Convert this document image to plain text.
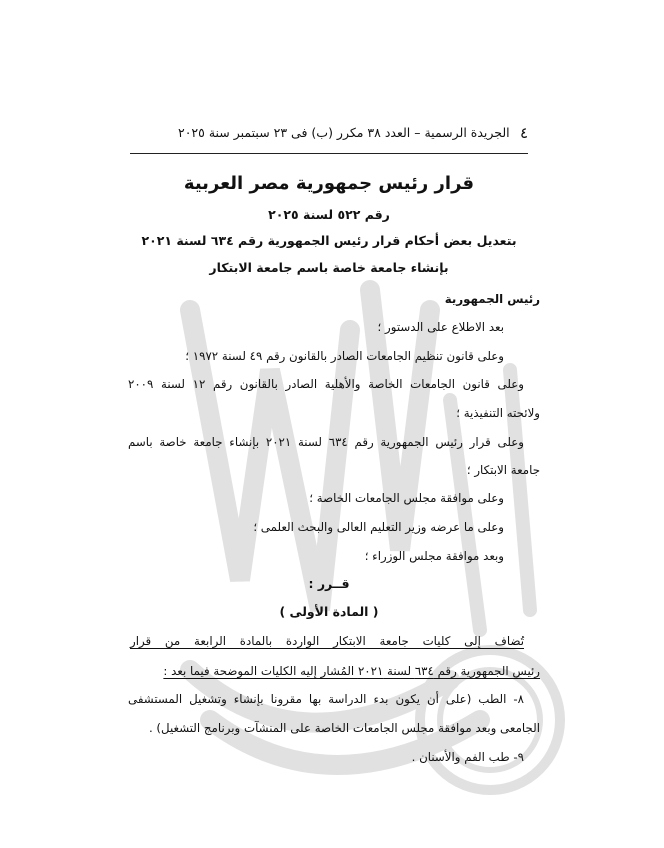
٤
الجريدة الرسمية – العدد ٣٨ مكرر (ب) فى ٢٣ سبتمبر سنة ٢٠٢٥
قرار رئيس جمهورية مصر العربية
رقم ٥٢٢ لسنة ٢٠٢٥
بتعديل بعض أحكام قرار رئيس الجمهورية رقم ٦٣٤ لسنة ٢٠٢١
بإنشاء جامعة خاصة باسم جامعة الابتكار
رئيس الجمهورية
بعد الاطلاع على الدستور ؛
وعلى قانون تنظيم الجامعات الصادر بالقانون رقم ٤٩ لسنة ١٩٧٢ ؛
وعلى قانون الجامعات الخاصة والأهلية الصادر بالقانون رقم ١٢ لسنة ٢٠٠٩
ولائحته التنفيذية ؛
وعلى قرار رئيس الجمهورية رقم ٦٣٤ لسنة ٢٠٢١ بإنشاء جامعة خاصة باسم
جامعة الابتكار ؛
وعلى موافقة مجلس الجامعات الخاصة ؛
وعلى ما عرضه وزير التعليم العالى والبحث العلمى ؛
وبعد موافقة مجلس الوزراء ؛
قــرر :
( المادة الأولى )
تُضاف إلى كليات جامعة الابتكار الواردة بالمادة الرابعة من قرار
رئيس الجمهورية رقم ٦٣٤ لسنة ٢٠٢١ المُشار إليه الكليات الموضحة فيما بعد :
٨- الطب (على أن يكون بدء الدراسة بها مقرونا بإنشاء وتشغيل المستشفى
الجامعى وبعد موافقة مجلس الجامعات الخاصة على المنشآت وبرنامج التشغيل) .
٩- طب الفم والأسنان .
